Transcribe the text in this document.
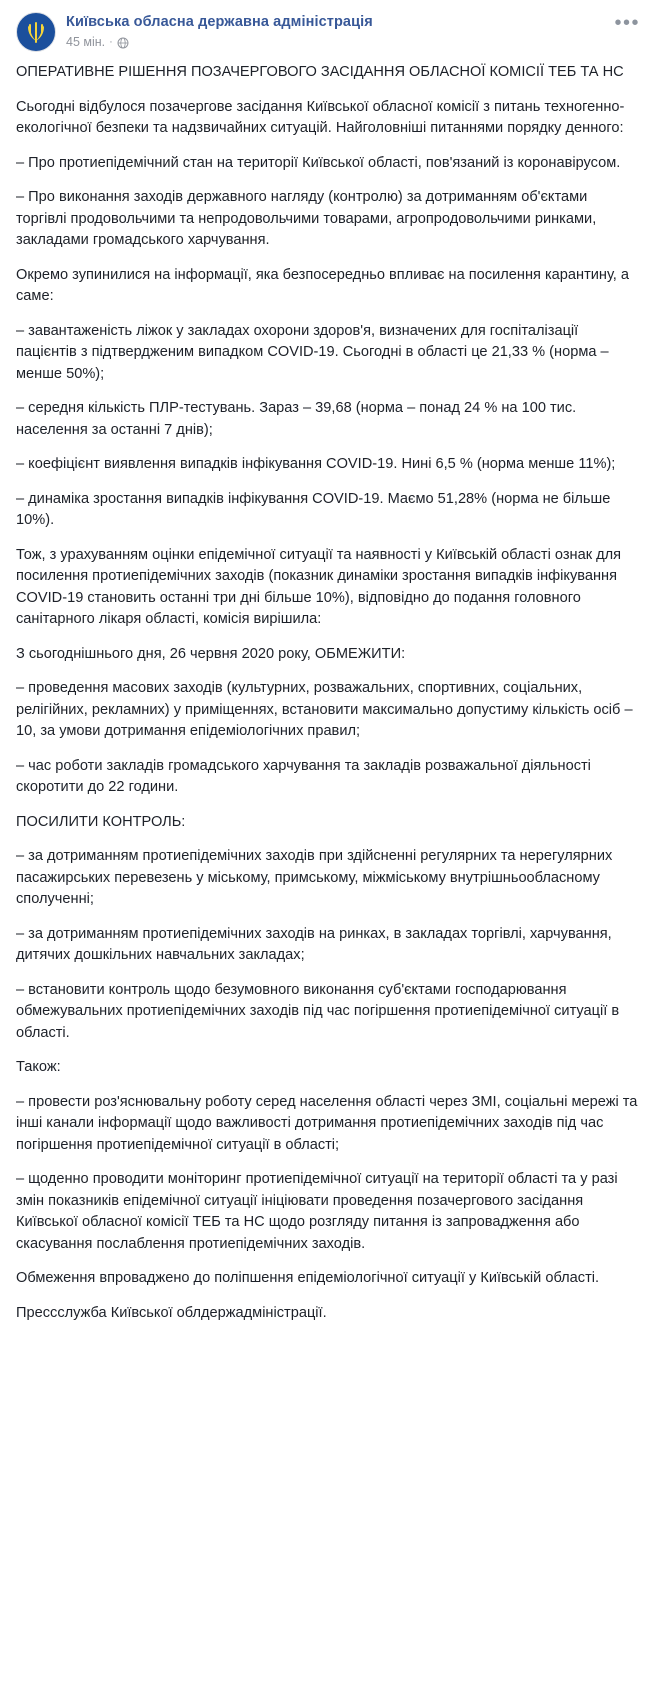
Київська обласна державна адміністрація
45 мін. ·
•••

ОПЕРАТИВНЕ РІШЕННЯ ПОЗАЧЕРГОВОГО ЗАСІДАННЯ ОБЛАСНОЇ КОМІСІЇ ТЕБ ТА НС

Сьогодні відбулося позачергове засідання Київської обласної комісії з питань техногенно-екологічної безпеки та надзвичайних ситуацій. Найголовніші питаннями порядку денного:

– Про протиепідемічний стан на території Київської області, пов'язаний із коронавірусом.

– Про виконання заходів державного нагляду (контролю) за дотриманням об'єктами торгівлі продовольчими та непродовольчими товарами, агропродовольчими ринками, закладами громадського харчування.

Окремо зупинилися на інформації, яка безпосередньо впливає на посилення карантину, а саме:

– завантаженість ліжок у закладах охорони здоров'я, визначених для госпіталізації пацієнтів з підтвердженим випадком COVID-19. Сьогодні в області це 21,33 % (норма – менше 50%);

– середня кількість ПЛР-тестувань. Зараз – 39,68 (норма – понад 24 % на 100 тис. населення за останні 7 днів);

– коефіцієнт виявлення випадків інфікування COVID-19. Нині 6,5 % (норма менше 11%);

– динаміка зростання випадків інфікування COVID-19. Маємо 51,28% (норма не більше 10%).

Тож, з урахуванням оцінки епідемічної ситуації та наявності у Київській області ознак для посилення протиепідемічних заходів (показник динаміки зростання випадків інфікування COVID-19 становить останні три дні більше 10%), відповідно до подання головного санітарного лікаря області, комісія вирішила:

З сьогоднішнього дня, 26 червня 2020 року, ОБМЕЖИТИ:

– проведення масових заходів (культурних, розважальних, спортивних, соціальних, релігійних, рекламних) у приміщеннях, встановити максимально допустиму кількість осіб – 10, за умови дотримання епідеміологічних правил;

– час роботи закладів громадського харчування та закладів розважальної діяльності скоротити до 22 години.

ПОСИЛИТИ КОНТРОЛЬ:

– за дотриманням протиепідемічних заходів при здійсненні регулярних та нерегулярних пасажирських перевезень у міському, примському, міжміському внутрішньообласному сполученні;

– за дотриманням протиепідемічних заходів на ринках, в закладах торгівлі, харчування, дитячих дошкільних навчальних закладах;

– встановити контроль щодо безумовного виконання суб'єктами господарювання обмежувальних протиепідемічних заходів під час погіршення протиепідемічної ситуації в області.

Також:

– провести роз'яснювальну роботу серед населення області через ЗМІ, соціальні мережі та інші канали інформації щодо важливості дотримання протиепідемічних заходів під час погіршення протиепідемічної ситуації в області;

– щоденно проводити моніторинг протиепідемічної ситуації на території області та у разі змін показників епідемічної ситуації ініціювати проведення позачергового засідання Київської обласної комісії ТЕБ та НС щодо розгляду питання із запровадження або скасування послаблення протиепідемічних заходів.

Обмеження впроваджено до поліпшення епідеміологічної ситуації у Київській області.

Прессслужба Київської облдержадміністрації.
